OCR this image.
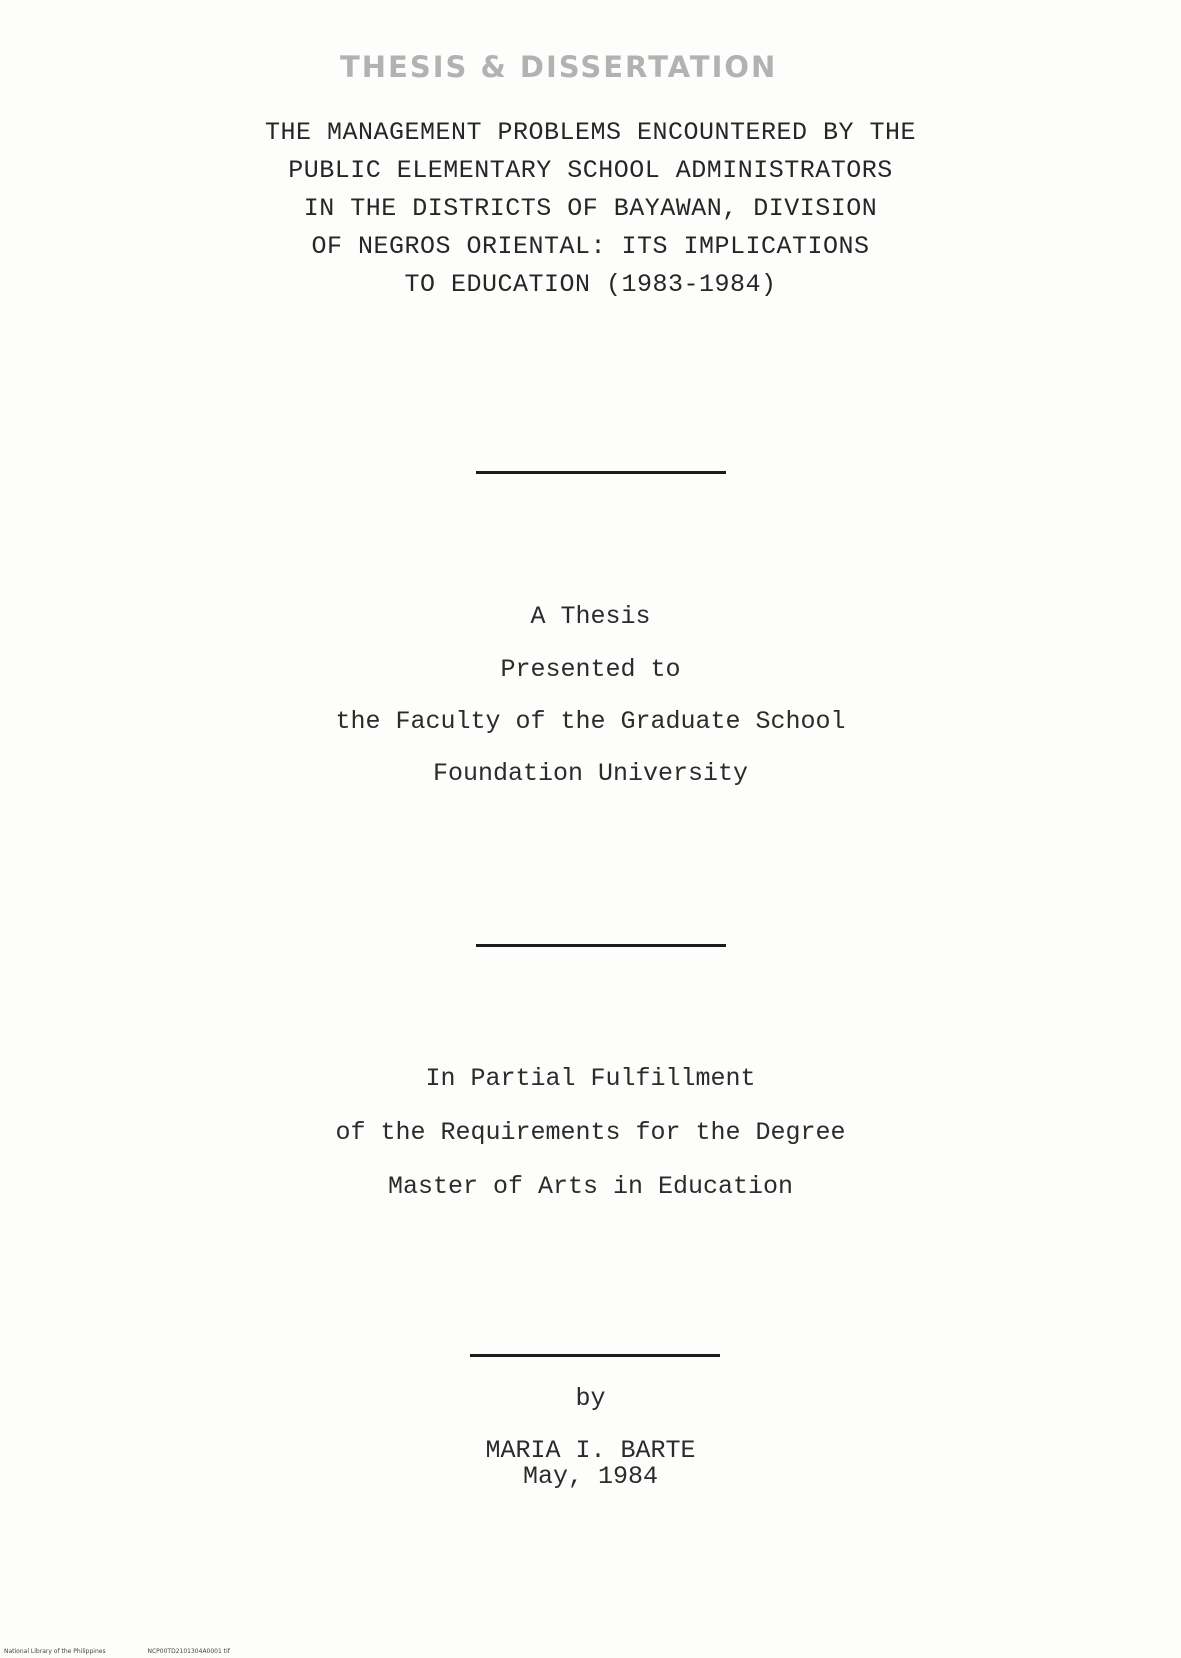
THESIS & DISSERTATION
THE MANAGEMENT PROBLEMS ENCOUNTERED BY THE
PUBLIC ELEMENTARY SCHOOL ADMINISTRATORS
IN THE DISTRICTS OF BAYAWAN, DIVISION
OF NEGROS ORIENTAL: ITS IMPLICATIONS
TO EDUCATION (1983-1984)
A Thesis
Presented to
the Faculty of the Graduate School
Foundation University
In Partial Fulfillment
of the Requirements for the Degree
Master of Arts in Education
by
MARIA I. BARTE
May, 1984
National Library of the Philippines	NCP00TD2101304A0001 tif
